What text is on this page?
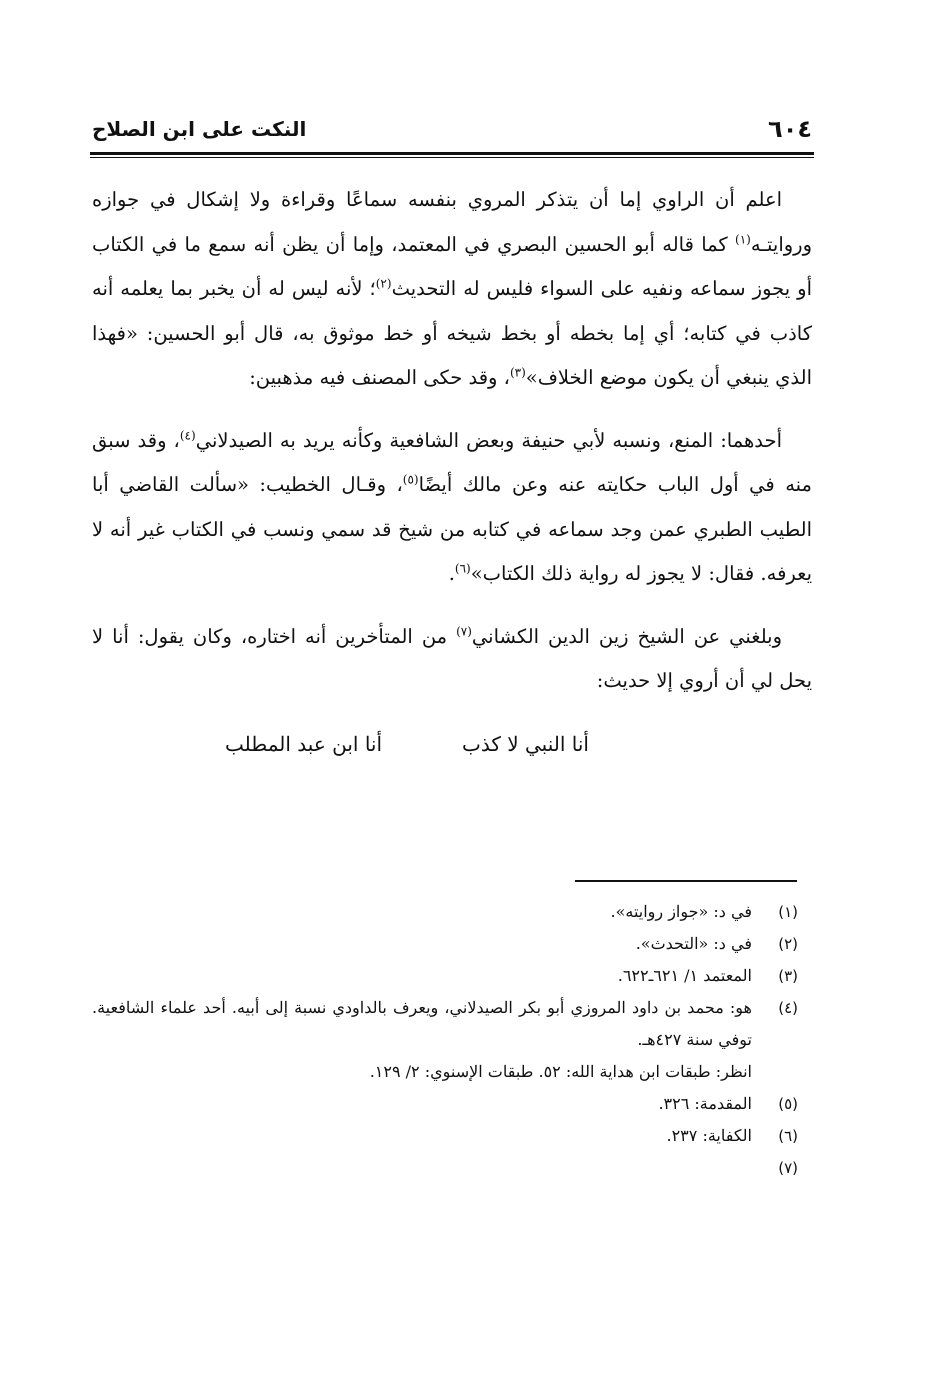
٦٠٤
النكت على ابن الصلاح

اعلم أن الراوي إما أن يتذكر المروي بنفسه سماعًا وقراءة ولا إشكال في جوازه وروايتـه$^{(١)}$ كما قاله أبو الحسين البصري في المعتمد، وإما أن يظن أنه سمع ما في الكتاب أو يجوز سماعه ونفيه على السواء فليس له التحديث$^{(٢)}$؛ لأنه ليس له أن يخبر بما يعلمه أنه كاذب في كتابه؛ أي إما بخطه أو بخط شيخه أو خط موثوق به، قال أبو الحسين: «فهذا الذي ينبغي أن يكون موضع الخلاف»$^{(٣)}$، وقد حكى المصنف فيه مذهبين:

أحدهما: المنع، ونسبه لأبي حنيفة وبعض الشافعية وكأنه يريد به الصيدلاني$^{(٤)}$، وقد سبق منه في أول الباب حكايته عنه وعن مالك أيضًا$^{(٥)}$، وقـال الخطيب: «سألت القاضي أبا الطيب الطبري عمن وجد سماعه في كتابه من شيخ قد سمي ونسب في الكتاب غير أنه لا يعرفه. فقال: لا يجوز له رواية ذلك الكتاب»$^{(٦)}$.

وبلغني عن الشيخ زين الدين الكشاني$^{(٧)}$ من المتأخرين أنه اختاره، وكان يقول: أنا لا يحل لي أن أروي إلا حديث:

أنا النبي لا كذب
أنا ابن عبد المطلب
(١)
في د: «جواز روايته».
(٢)
في د: «التحدث».
(٣)
المعتمد ١/ ٦٢١ـ٦٢٢.
(٤)
هو: محمد بن داود المروزي أبو بكر الصيدلاني، ويعرف بالداودي نسبة إلى أبيه. أحد علماء الشافعية. توفي سنة ٤٢٧هـ.
انظر: طبقات ابن هداية الله: ٥٢. طبقات الإسنوي: ٢/ ١٢٩.
(٥)
المقدمة: ٣٢٦.
(٦)
الكفاية: ٢٣٧.
(٧)
